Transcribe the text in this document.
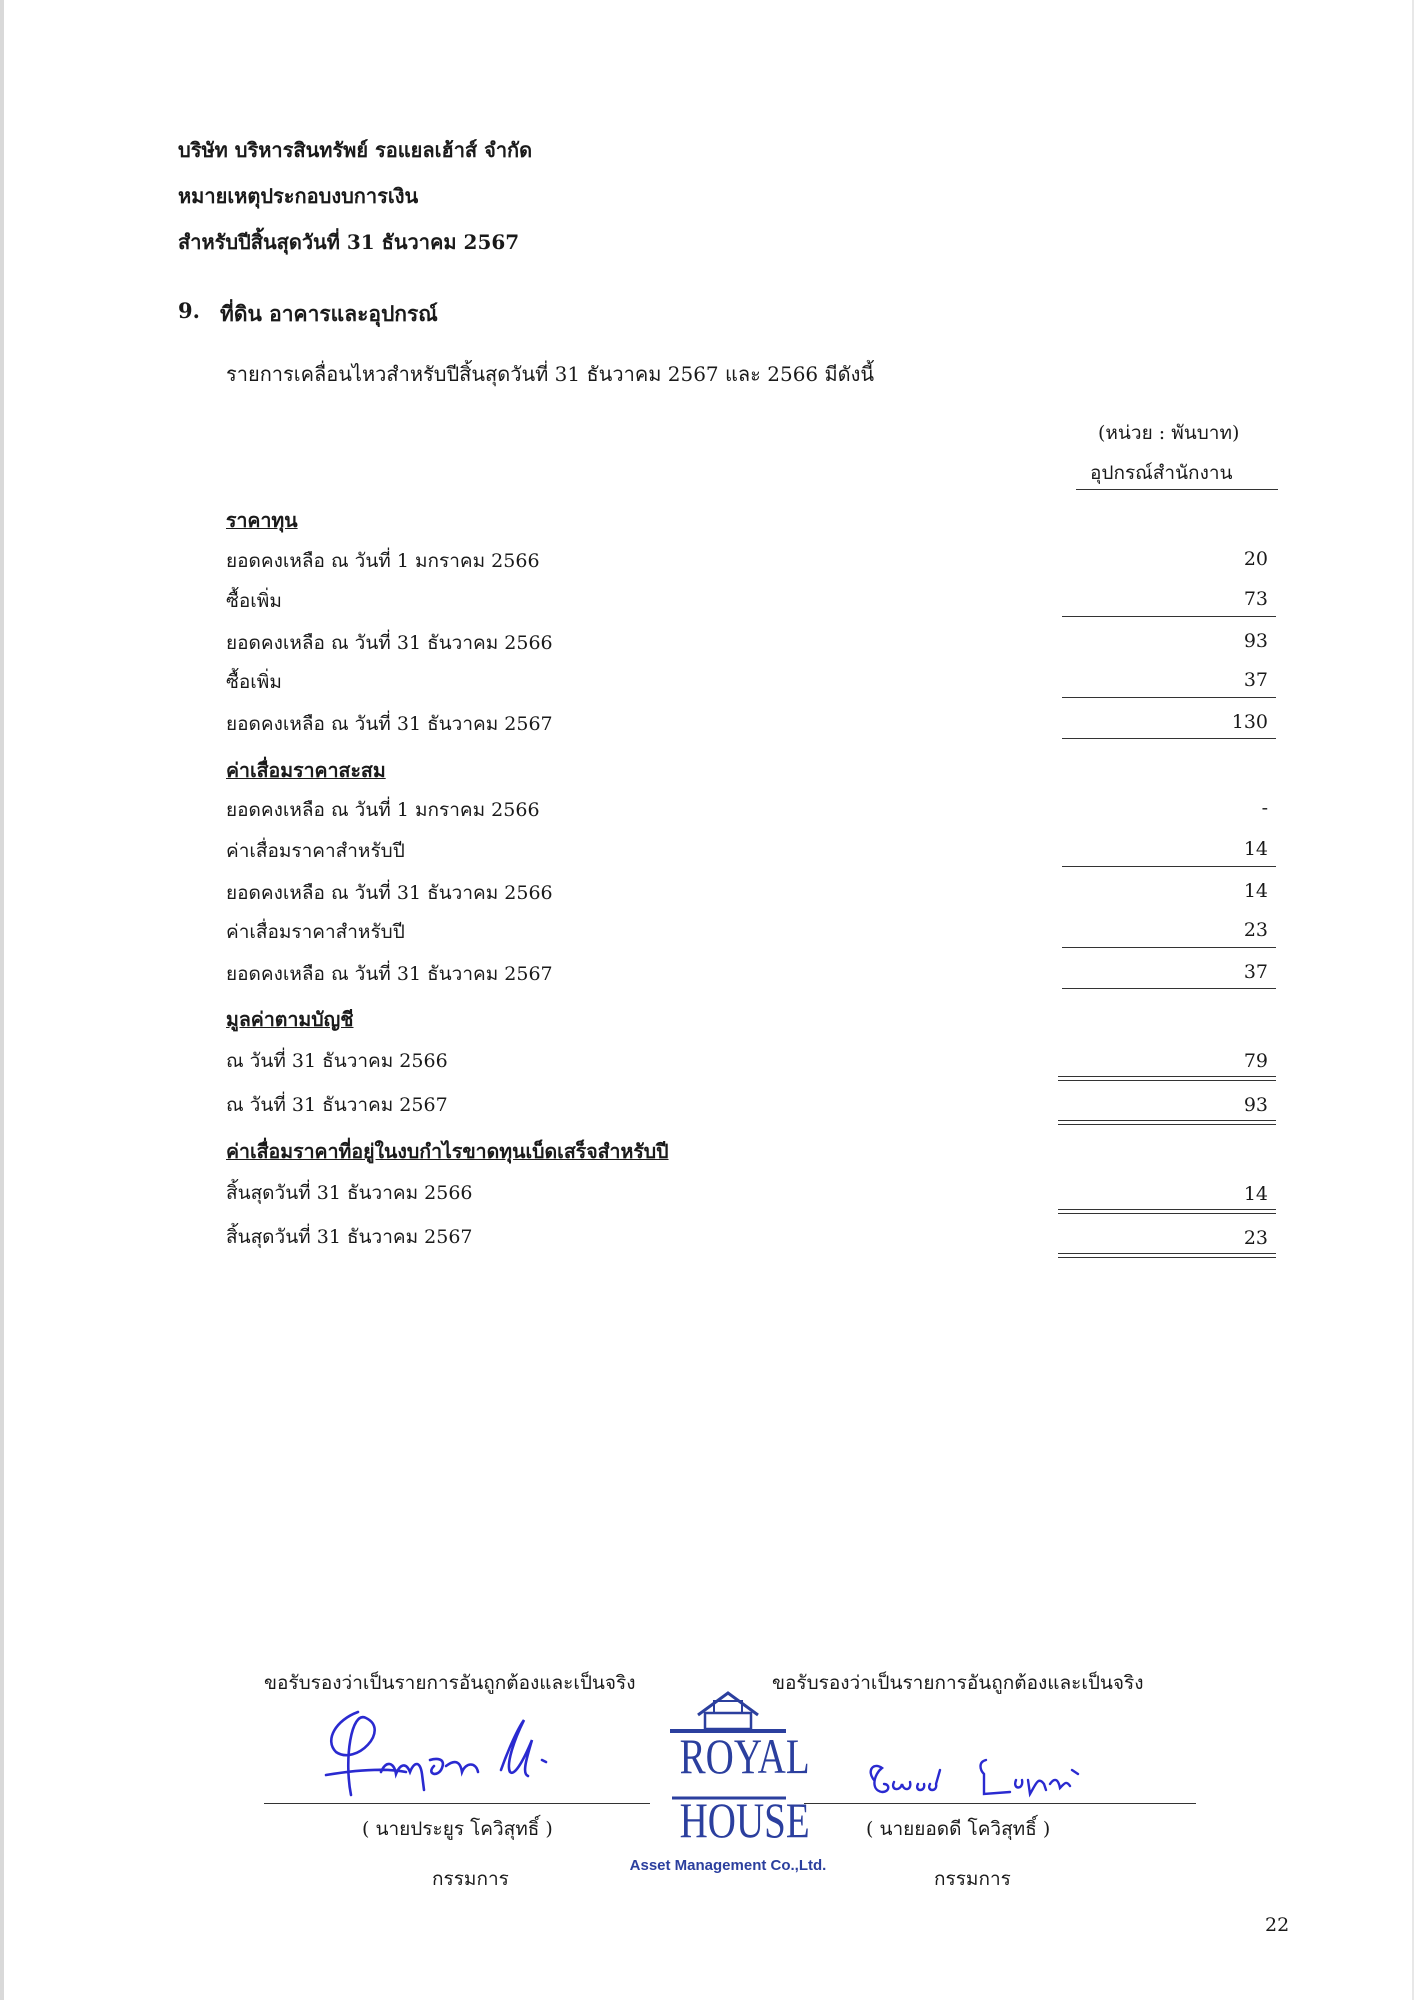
บริษัท บริหารสินทรัพย์ รอแยลเฮ้าส์ จำกัด
หมายเหตุประกอบงบการเงิน
สำหรับปีสิ้นสุดวันที่ 31 ธันวาคม 2567
9. ที่ดิน อาคารและอุปกรณ์
รายการเคลื่อนไหวสำหรับปีสิ้นสุดวันที่ 31 ธันวาคม 2567 และ 2566 มีดังนี้
(หน่วย : พันบาท)
อุปกรณ์สำนักงาน
ราคาทุน
ยอดคงเหลือ ณ วันที่ 1 มกราคม 2566	20
ซื้อเพิ่ม	73
ยอดคงเหลือ ณ วันที่ 31 ธันวาคม 2566	93
ซื้อเพิ่ม	37
ยอดคงเหลือ ณ วันที่ 31 ธันวาคม 2567	130
ค่าเสื่อมราคาสะสม
ยอดคงเหลือ ณ วันที่ 1 มกราคม 2566	-
ค่าเสื่อมราคาสำหรับปี	14
ยอดคงเหลือ ณ วันที่ 31 ธันวาคม 2566	14
ค่าเสื่อมราคาสำหรับปี	23
ยอดคงเหลือ ณ วันที่ 31 ธันวาคม 2567	37
มูลค่าตามบัญชี
ณ วันที่ 31 ธันวาคม 2566	79
ณ วันที่ 31 ธันวาคม 2567	93
ค่าเสื่อมราคาที่อยู่ในงบกำไรขาดทุนเบ็ดเสร็จสำหรับปี
สิ้นสุดวันที่ 31 ธันวาคม 2566	14
สิ้นสุดวันที่ 31 ธันวาคม 2567	23
ขอรับรองว่าเป็นรายการอันถูกต้องและเป็นจริง	ขอรับรองว่าเป็นรายการอันถูกต้องและเป็นจริง
ROYAL
HOUSE
Asset Management Co.,Ltd.
( นายประยูร โควิสุทธิ์ )	( นายยอดดี โควิสุทธิ์ )
กรรมการ	กรรมการ
22
